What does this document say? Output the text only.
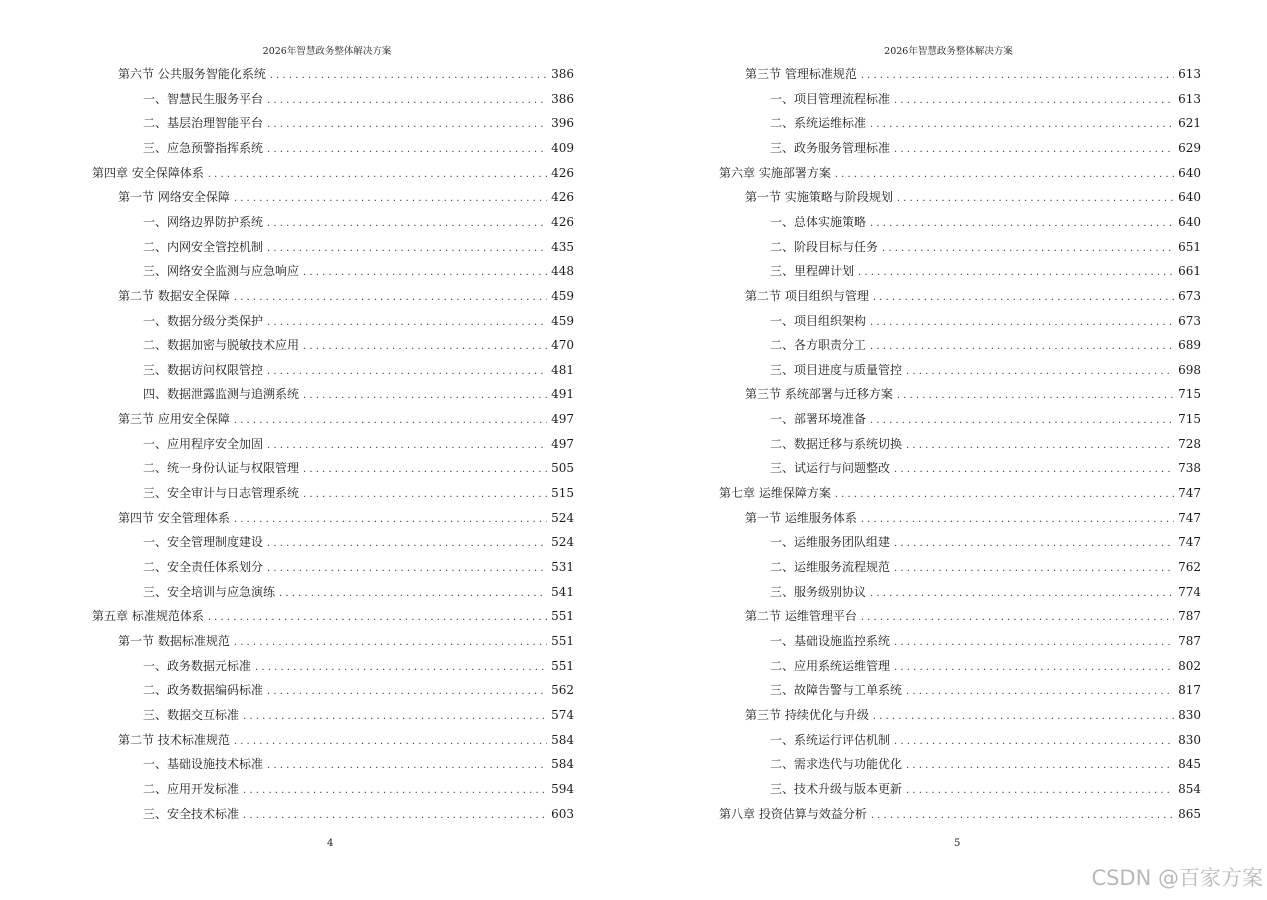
2026年智慧政务整体解决方案
第六节 公共服务智能化系统 . . .	386
一、智慧民生服务平台 . . .	386
二、基层治理智能平台 . . .	396
三、应急预警指挥系统 . . .	409
第四章 安全保障体系 . . .	426
第一节 网络安全保障 . . .	426
一、网络边界防护系统 . . .	426
二、内网安全管控机制 . . .	435
三、网络安全监测与应急响应 . . .	448
第二节 数据安全保障 . . .	459
一、数据分级分类保护 . . .	459
二、数据加密与脱敏技术应用 . . .	470
三、数据访问权限管控 . . .	481
四、数据泄露监测与追溯系统 . . .	491
第三节 应用安全保障 . . .	497
一、应用程序安全加固 . . .	497
二、统一身份认证与权限管理 . . .	505
三、安全审计与日志管理系统 . . .	515
第四节 安全管理体系 . . .	524
一、安全管理制度建设 . . .	524
二、安全责任体系划分 . . .	531
三、安全培训与应急演练 . . .	541
第五章 标准规范体系 . . .	551
第一节 数据标准规范 . . .	551
一、政务数据元标准 . . .	551
二、政务数据编码标准 . . .	562
三、数据交互标准 . . .	574
第二节 技术标准规范 . . .	584
一、基础设施技术标准 . . .	584
二、应用开发标准 . . .	594
三、安全技术标准 . . .	603
4
2026年智慧政务整体解决方案
第三节 管理标准规范 . . .	613
一、项目管理流程标准 . . .	613
二、系统运维标准 . . .	621
三、政务服务管理标准 . . .	629
第六章 实施部署方案 . . .	640
第一节 实施策略与阶段规划 . . .	640
一、总体实施策略 . . .	640
二、阶段目标与任务 . . .	651
三、里程碑计划 . . .	661
第二节 项目组织与管理 . . .	673
一、项目组织架构 . . .	673
二、各方职责分工 . . .	689
三、项目进度与质量管控 . . .	698
第三节 系统部署与迁移方案 . . .	715
一、部署环境准备 . . .	715
二、数据迁移与系统切换 . . .	728
三、试运行与问题整改 . . .	738
第七章 运维保障方案 . . .	747
第一节 运维服务体系 . . .	747
一、运维服务团队组建 . . .	747
二、运维服务流程规范 . . .	762
三、服务级别协议 . . .	774
第二节 运维管理平台 . . .	787
一、基础设施监控系统 . . .	787
二、应用系统运维管理 . . .	802
三、故障告警与工单系统 . . .	817
第三节 持续优化与升级 . . .	830
一、系统运行评估机制 . . .	830
二、需求迭代与功能优化 . . .	845
三、技术升级与版本更新 . . .	854
第八章 投资估算与效益分析 . . .	865
5
CSDN @百家方案
